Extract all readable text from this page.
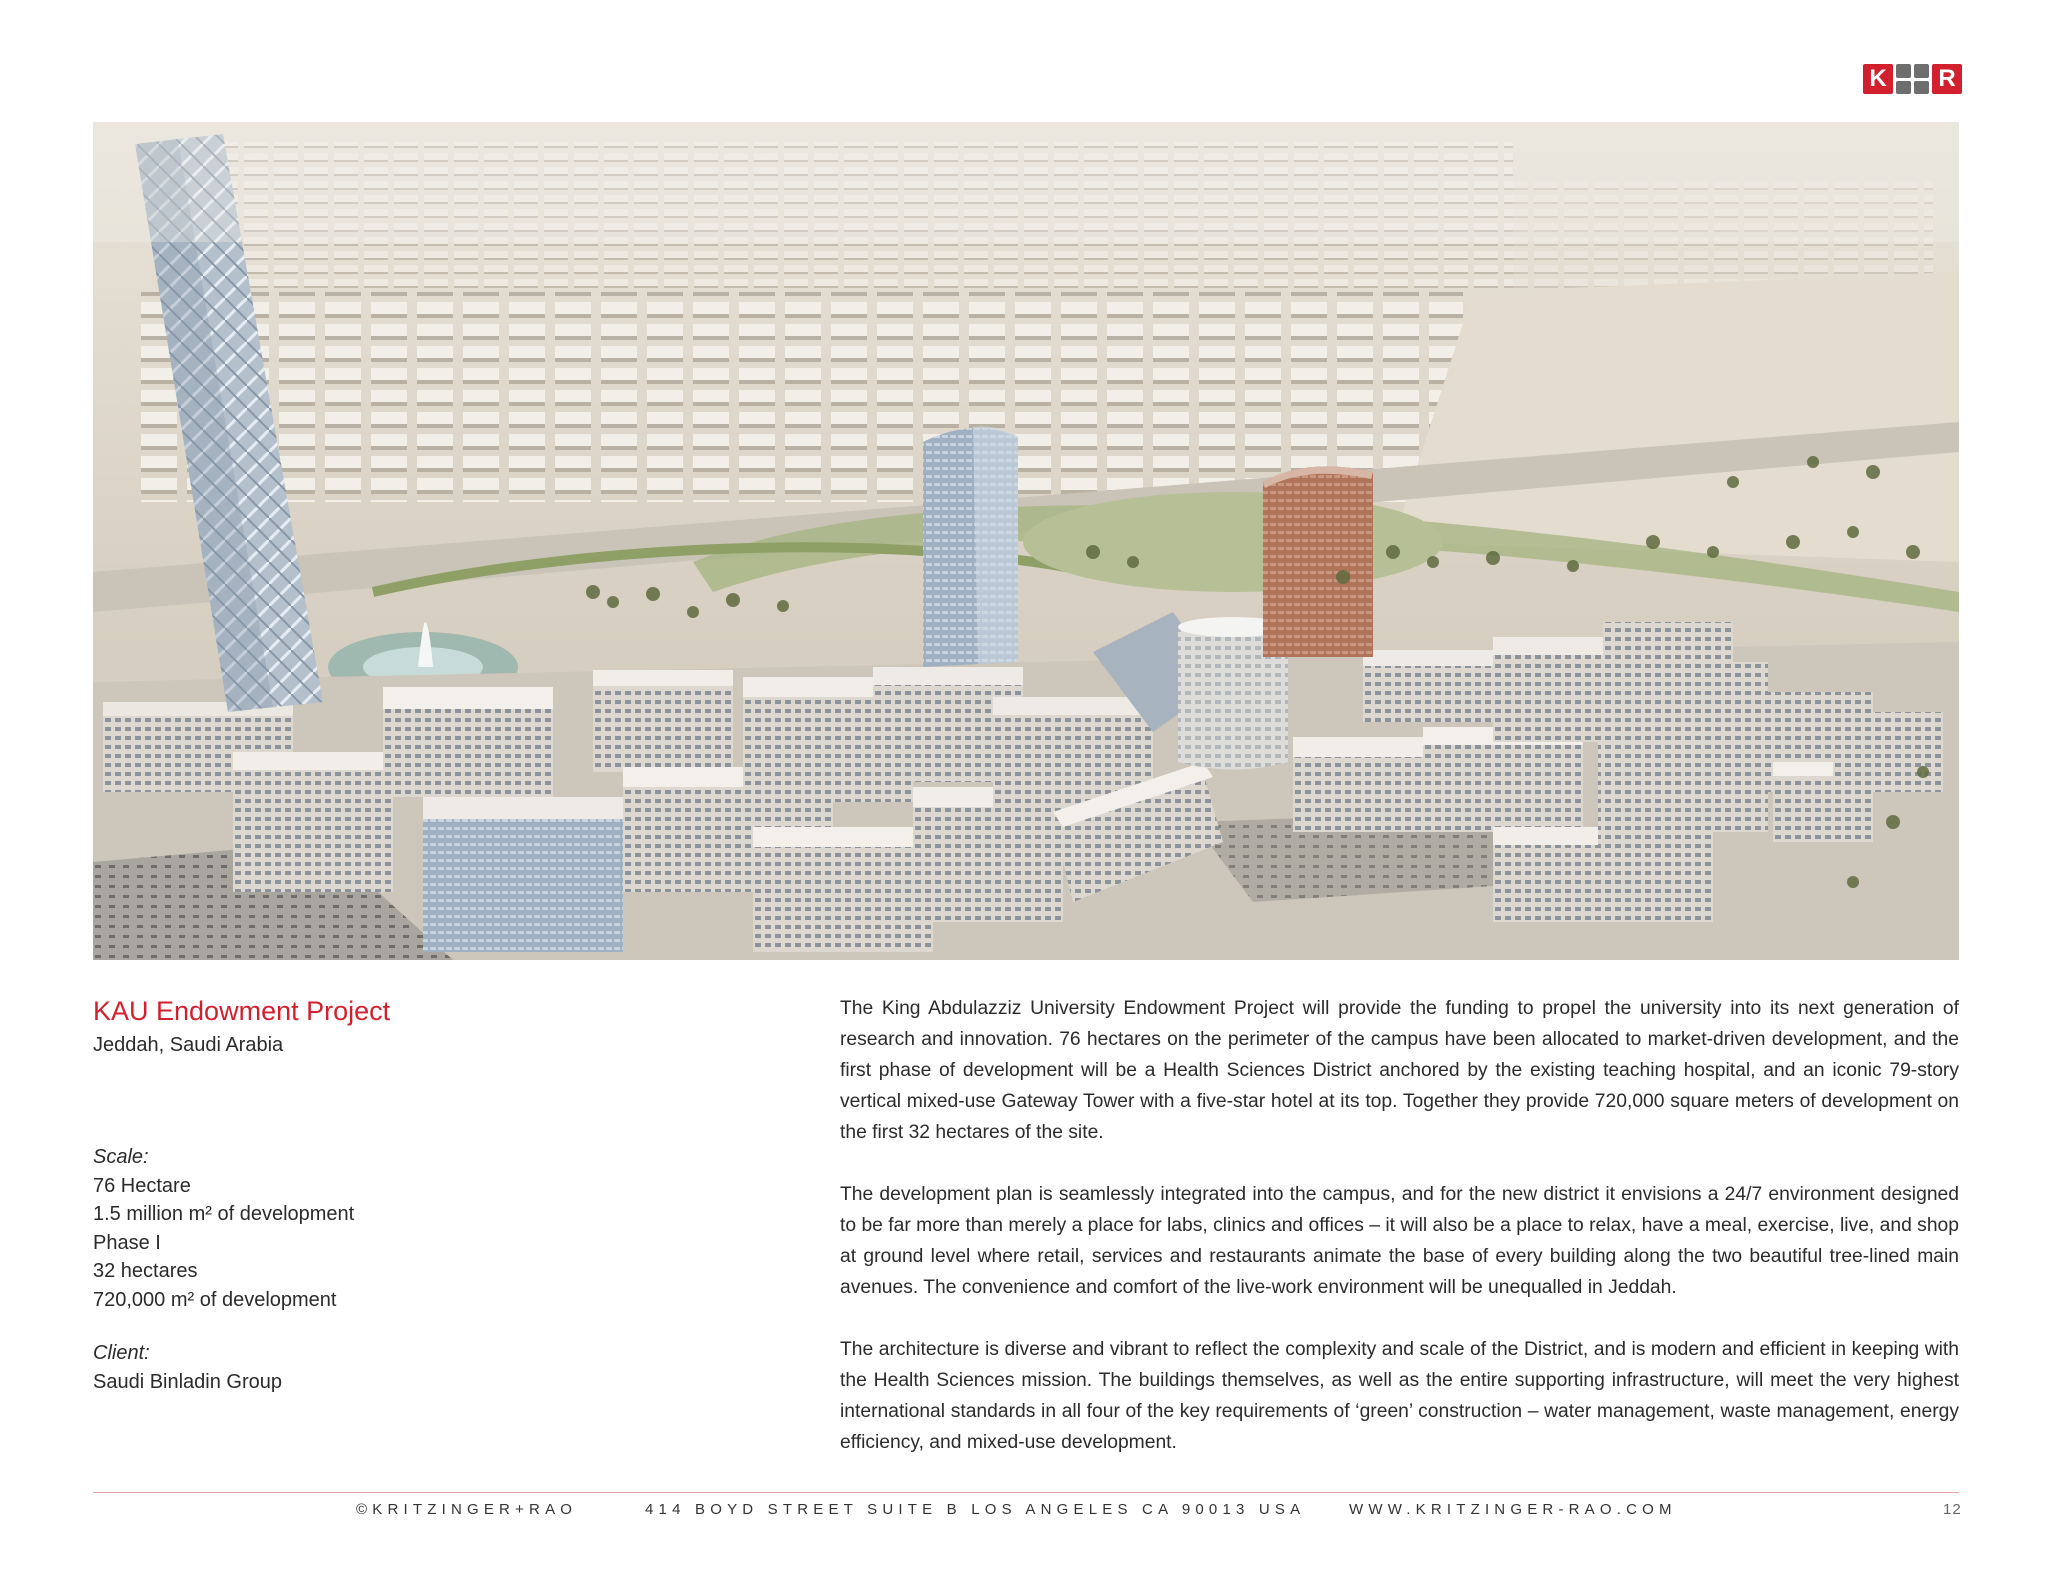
K R
KAU Endowment Project
Jeddah, Saudi Arabia
Scale:
76 Hectare
1.5 million m² of development
Phase I
32 hectares
720,000 m² of development
Client:
Saudi Binladin Group

The King Abdulazziz University Endowment Project will provide the funding to propel the university into its next generation of research and innovation. 76 hectares on the perimeter of the campus have been allocated to market-driven development, and the first phase of development will be a Health Sciences District anchored by the existing teaching hospital, and an iconic 79-story vertical mixed-use Gateway Tower with a five-star hotel at its top. Together they provide 720,000 square meters of development on the first 32 hectares of the site.

The development plan is seamlessly integrated into the campus, and for the new district it envisions a 24/7 environment designed to be far more than merely a place for labs, clinics and offices – it will also be a place to relax, have a meal, exercise, live, and shop at ground level where retail, services and restaurants animate the base of every building along the two beautiful tree-lined main avenues. The convenience and comfort of the live-work environment will be unequalled in Jeddah.

The architecture is diverse and vibrant to reflect the complexity and scale of the District, and is modern and efficient in keeping with the Health Sciences mission. The buildings themselves, as well as the entire supporting infrastructure, will meet the very highest international standards in all four of the key requirements of ‘green’ construction – water management, waste management, energy efficiency, and mixed-use development.

©KRITZINGER+RAO	414 BOYD STREET SUITE B LOS ANGELES CA 90013 USA	WWW.KRITZINGER-RAO.COM	12
